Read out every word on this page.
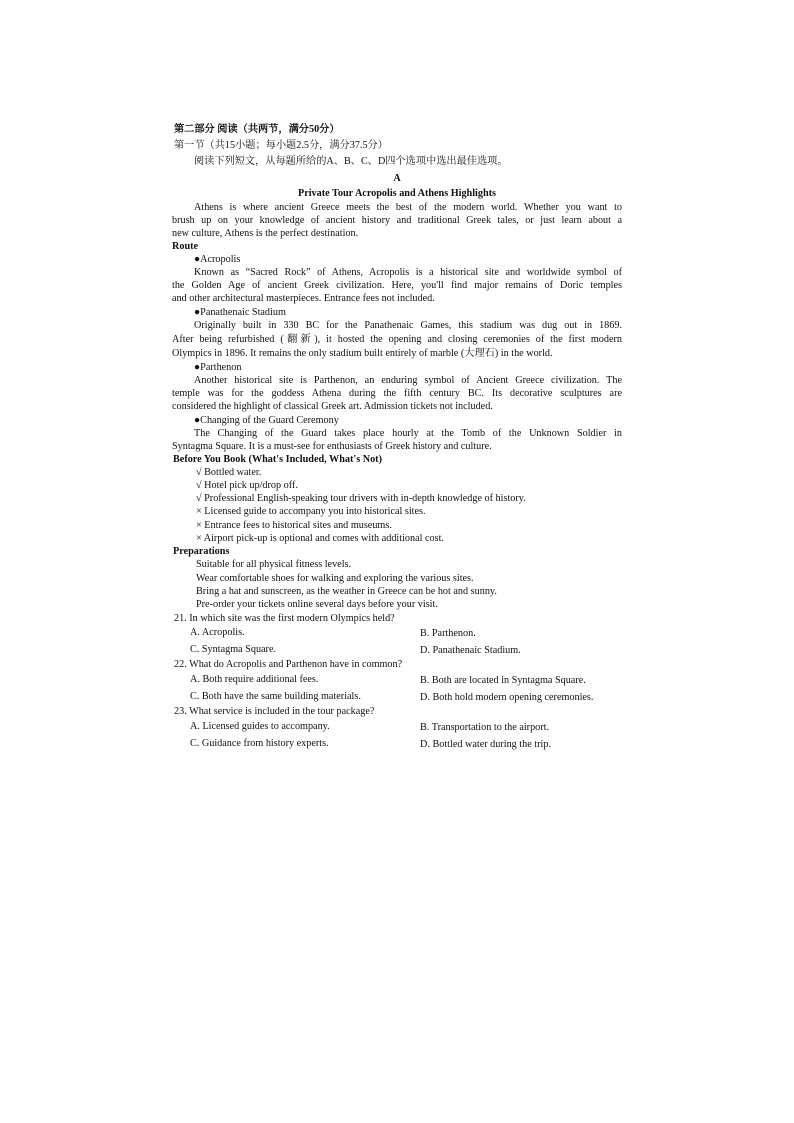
第二部分 阅读（共两节，满分50分）
第一节（共15小题；每小题2.5分，满分37.5分）
阅读下列短文，从每题所给的A、B、C、D四个选项中选出最佳选项。
A
Private Tour Acropolis and Athens Highlights
Athens is where ancient Greece meets the best of the modern world. Whether you want to
brush up on your knowledge of ancient history and traditional Greek tales, or just learn about a
new culture, Athens is the perfect destination.
Route
●Acropolis
Known as “Sacred Rock” of Athens, Acropolis is a historical site and worldwide symbol of
the Golden Age of ancient Greek civilization. Here, you'll find major remains of Doric temples
and other architectural masterpieces. Entrance fees not included.
●Panathenaic Stadium
Originally built in 330 BC for the Panathenaic Games, this stadium was dug out in 1869.
After being refurbished (翻新), it hosted the opening and closing ceremonies of the first modern
Olympics in 1896. It remains the only stadium built entirely of marble (大理石) in the world.
●Parthenon
Another historical site is Parthenon, an enduring symbol of Ancient Greece civilization. The
temple was for the goddess Athena during the fifth century BC. Its decorative sculptures are
considered the highlight of classical Greek art. Admission tickets not included.
●Changing of the Guard Ceremony
The Changing of the Guard takes place hourly at the Tomb of the Unknown Soldier in
Syntagma Square. It is a must-see for enthusiasts of Greek history and culture.
Before You Book (What's Included, What's Not)
√ Bottled water.
√ Hotel pick up/drop off.
√ Professional English-speaking tour drivers with in-depth knowledge of history.
× Licensed guide to accompany you into historical sites.
× Entrance fees to historical sites and museums.
× Airport pick-up is optional and comes with additional cost.
Preparations
Suitable for all physical fitness levels.
Wear comfortable shoes for walking and exploring the various sites.
Bring a hat and sunscreen, as the weather in Greece can be hot and sunny.
Pre-order your tickets online several days before your visit.
21. In which site was the first modern Olympics held?
A. Acropolis.	B. Parthenon.
C. Syntagma Square.	D. Panathenaic Stadium.
22. What do Acropolis and Parthenon have in common?
A. Both require additional fees.	B. Both are located in Syntagma Square.
C. Both have the same building materials.	D. Both hold modern opening ceremonies.
23. What service is included in the tour package?
A. Licensed guides to accompany.	B. Transportation to the airport.
C. Guidance from history experts.	D. Bottled water during the trip.
